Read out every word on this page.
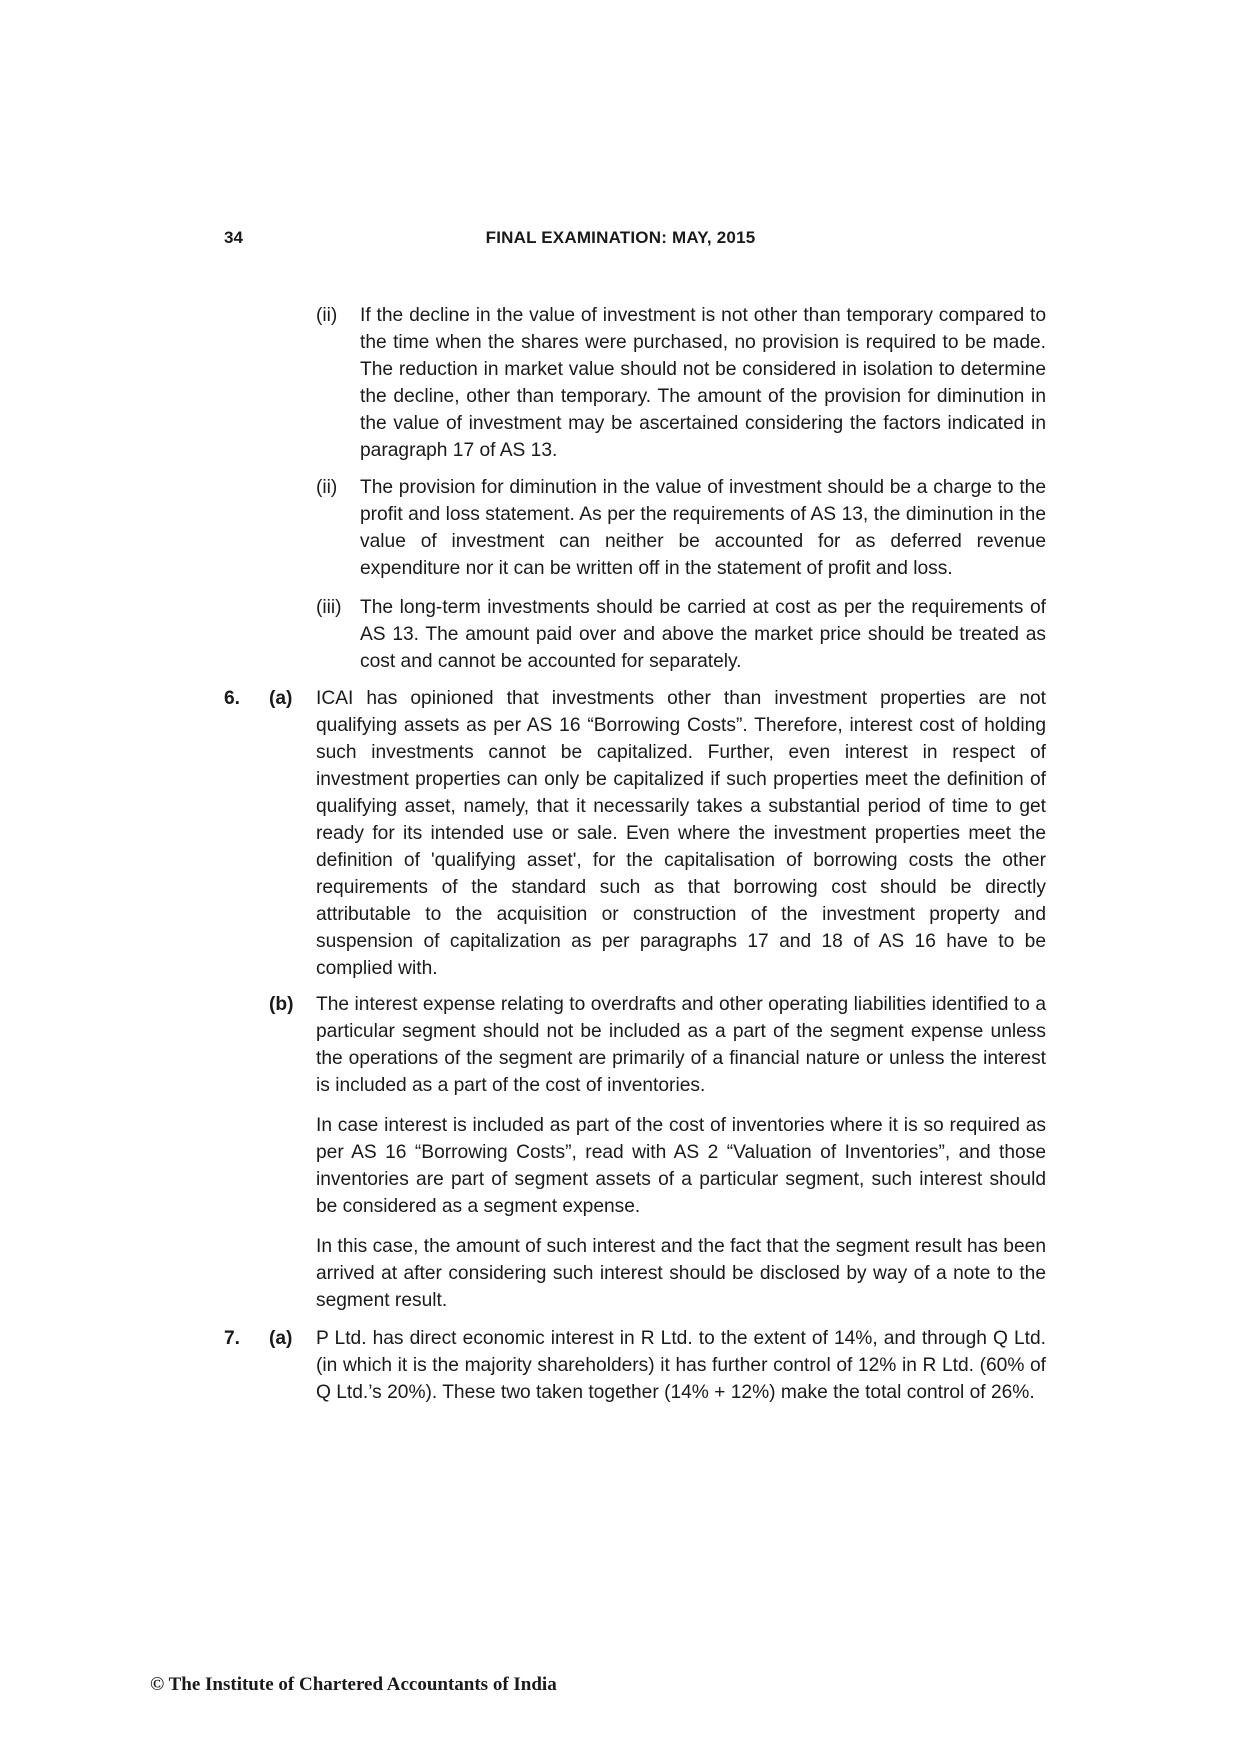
34	FINAL EXAMINATION: MAY, 2015
(ii) If the decline in the value of investment is not other than temporary compared to the time when the shares were purchased, no provision is required to be made. The reduction in market value should not be considered in isolation to determine the decline, other than temporary. The amount of the provision for diminution in the value of investment may be ascertained considering the factors indicated in paragraph 17 of AS 13.
(ii) The provision for diminution in the value of investment should be a charge to the profit and loss statement. As per the requirements of AS 13, the diminution in the value of investment can neither be accounted for as deferred revenue expenditure nor it can be written off in the statement of profit and loss.
(iii) The long-term investments should be carried at cost as per the requirements of AS 13. The amount paid over and above the market price should be treated as cost and cannot be accounted for separately.
6. (a) ICAI has opinioned that investments other than investment properties are not qualifying assets as per AS 16 “Borrowing Costs”. Therefore, interest cost of holding such investments cannot be capitalized. Further, even interest in respect of investment properties can only be capitalized if such properties meet the definition of qualifying asset, namely, that it necessarily takes a substantial period of time to get ready for its intended use or sale. Even where the investment properties meet the definition of 'qualifying asset', for the capitalisation of borrowing costs the other requirements of the standard such as that borrowing cost should be directly attributable to the acquisition or construction of the investment property and suspension of capitalization as per paragraphs 17 and 18 of AS 16 have to be complied with.
(b) The interest expense relating to overdrafts and other operating liabilities identified to a particular segment should not be included as a part of the segment expense unless the operations of the segment are primarily of a financial nature or unless the interest is included as a part of the cost of inventories.
In case interest is included as part of the cost of inventories where it is so required as per AS 16 “Borrowing Costs”, read with AS 2 “Valuation of Inventories”, and those inventories are part of segment assets of a particular segment, such interest should be considered as a segment expense.
In this case, the amount of such interest and the fact that the segment result has been arrived at after considering such interest should be disclosed by way of a note to the segment result.
7. (a) P Ltd. has direct economic interest in R Ltd. to the extent of 14%, and through Q Ltd. (in which it is the majority shareholders) it has further control of 12% in R Ltd. (60% of Q Ltd.’s 20%). These two taken together (14% + 12%) make the total control of 26%.
© The Institute of Chartered Accountants of India
